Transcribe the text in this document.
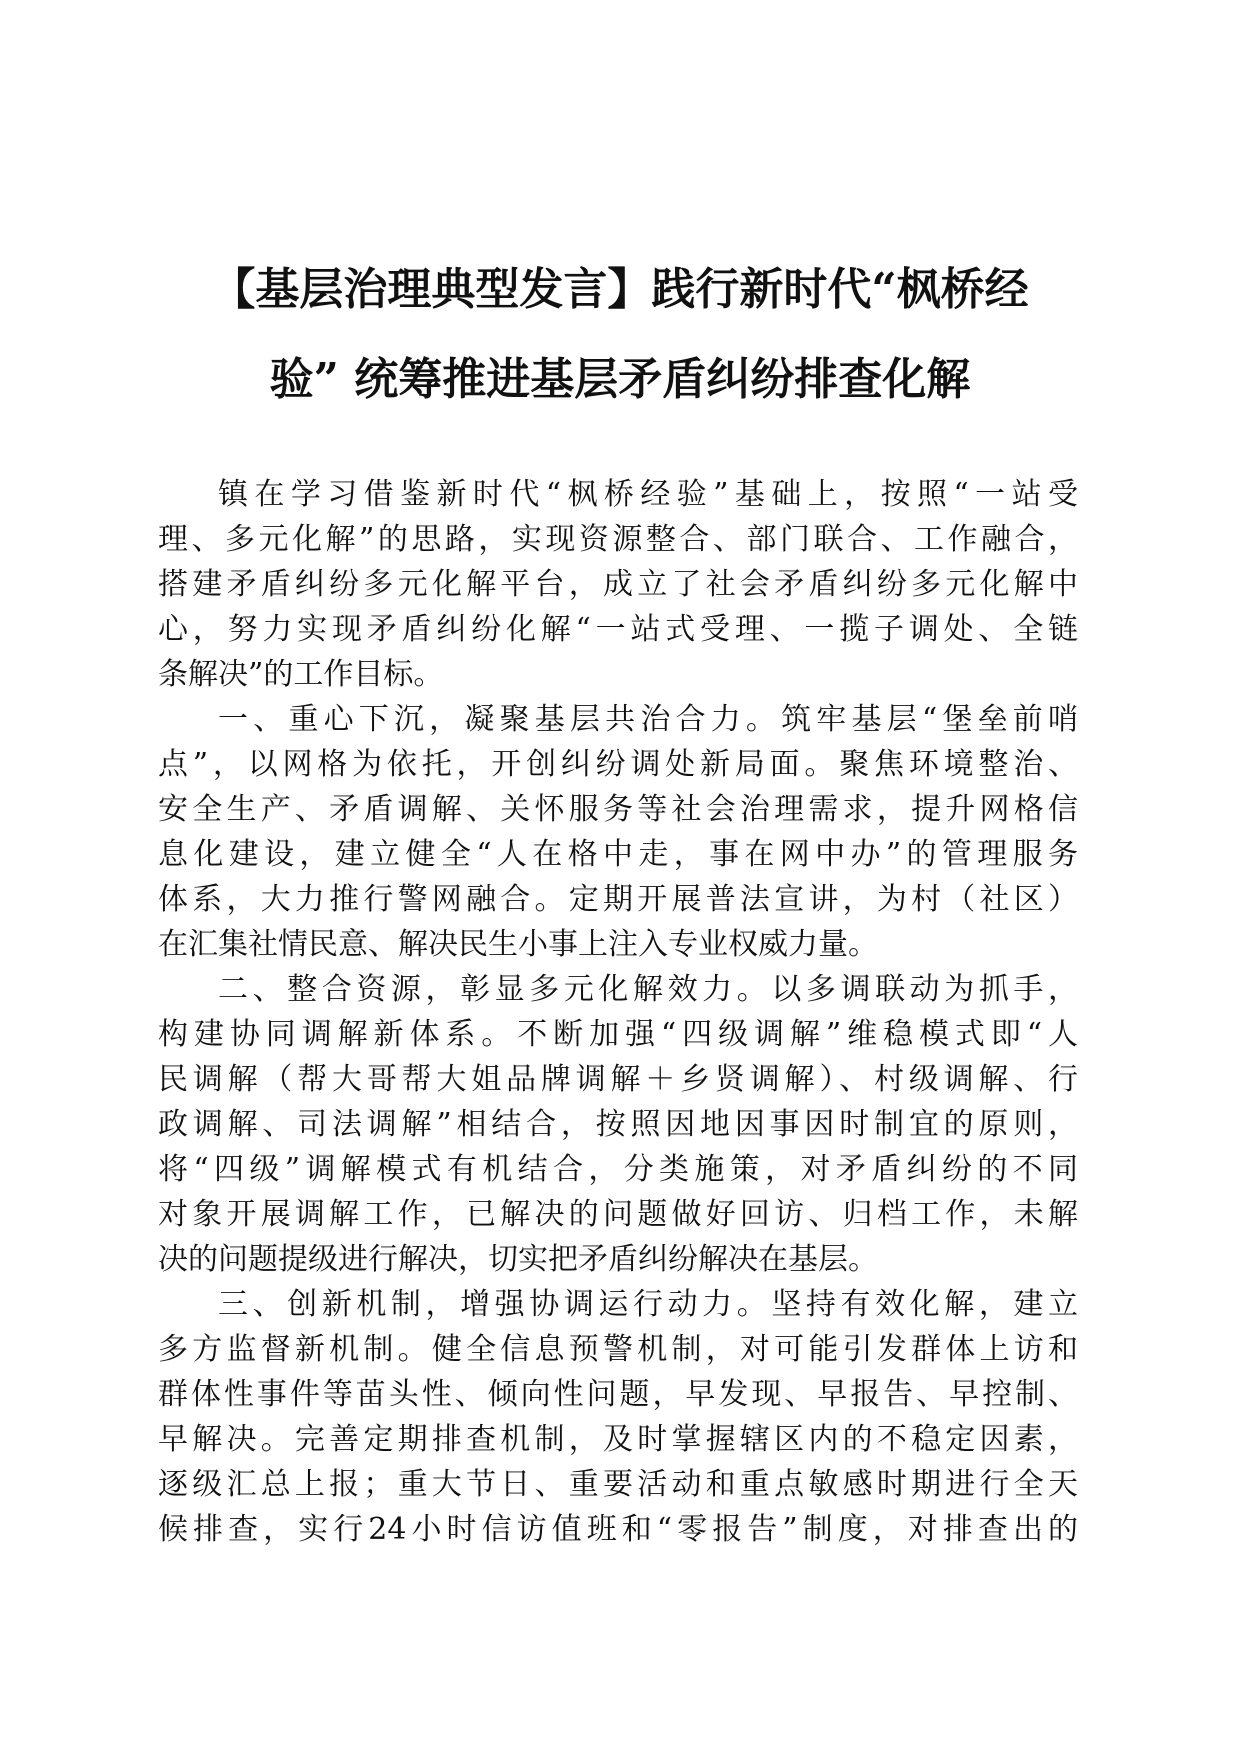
【基层治理典型发言】践行新时代“枫桥经
验” 统筹推进基层矛盾纠纷排查化解
镇在学习借鉴新时代“枫桥经验”基础上，按照“一站受
理、多元化解”的思路，实现资源整合、部门联合、工作融合，
搭建矛盾纠纷多元化解平台，成立了社会矛盾纠纷多元化解中
心，努力实现矛盾纠纷化解“一站式受理、一揽子调处、全链
条解决”的工作目标。
一、重心下沉，凝聚基层共治合力。筑牢基层“堡垒前哨
点”，以网格为依托，开创纠纷调处新局面。聚焦环境整治、
安全生产、矛盾调解、关怀服务等社会治理需求，提升网格信
息化建设，建立健全“人在格中走，事在网中办”的管理服务
体系，大力推行警网融合。定期开展普法宣讲，为村（社区）
在汇集社情民意、解决民生小事上注入专业权威力量。
二、整合资源，彰显多元化解效力。以多调联动为抓手，
构建协同调解新体系。不断加强“四级调解”维稳模式即“人
民调解（帮大哥帮大姐品牌调解＋乡贤调解）、村级调解、行
政调解、司法调解”相结合，按照因地因事因时制宜的原则，
将“四级”调解模式有机结合，分类施策，对矛盾纠纷的不同
对象开展调解工作，已解决的问题做好回访、归档工作，未解
决的问题提级进行解决，切实把矛盾纠纷解决在基层。
三、创新机制，增强协调运行动力。坚持有效化解，建立
多方监督新机制。健全信息预警机制，对可能引发群体上访和
群体性事件等苗头性、倾向性问题，早发现、早报告、早控制、
早解决。完善定期排查机制，及时掌握辖区内的不稳定因素，
逐级汇总上报；重大节日、重要活动和重点敏感时期进行全天
候排查，实行24小时信访值班和“零报告”制度，对排查出的
